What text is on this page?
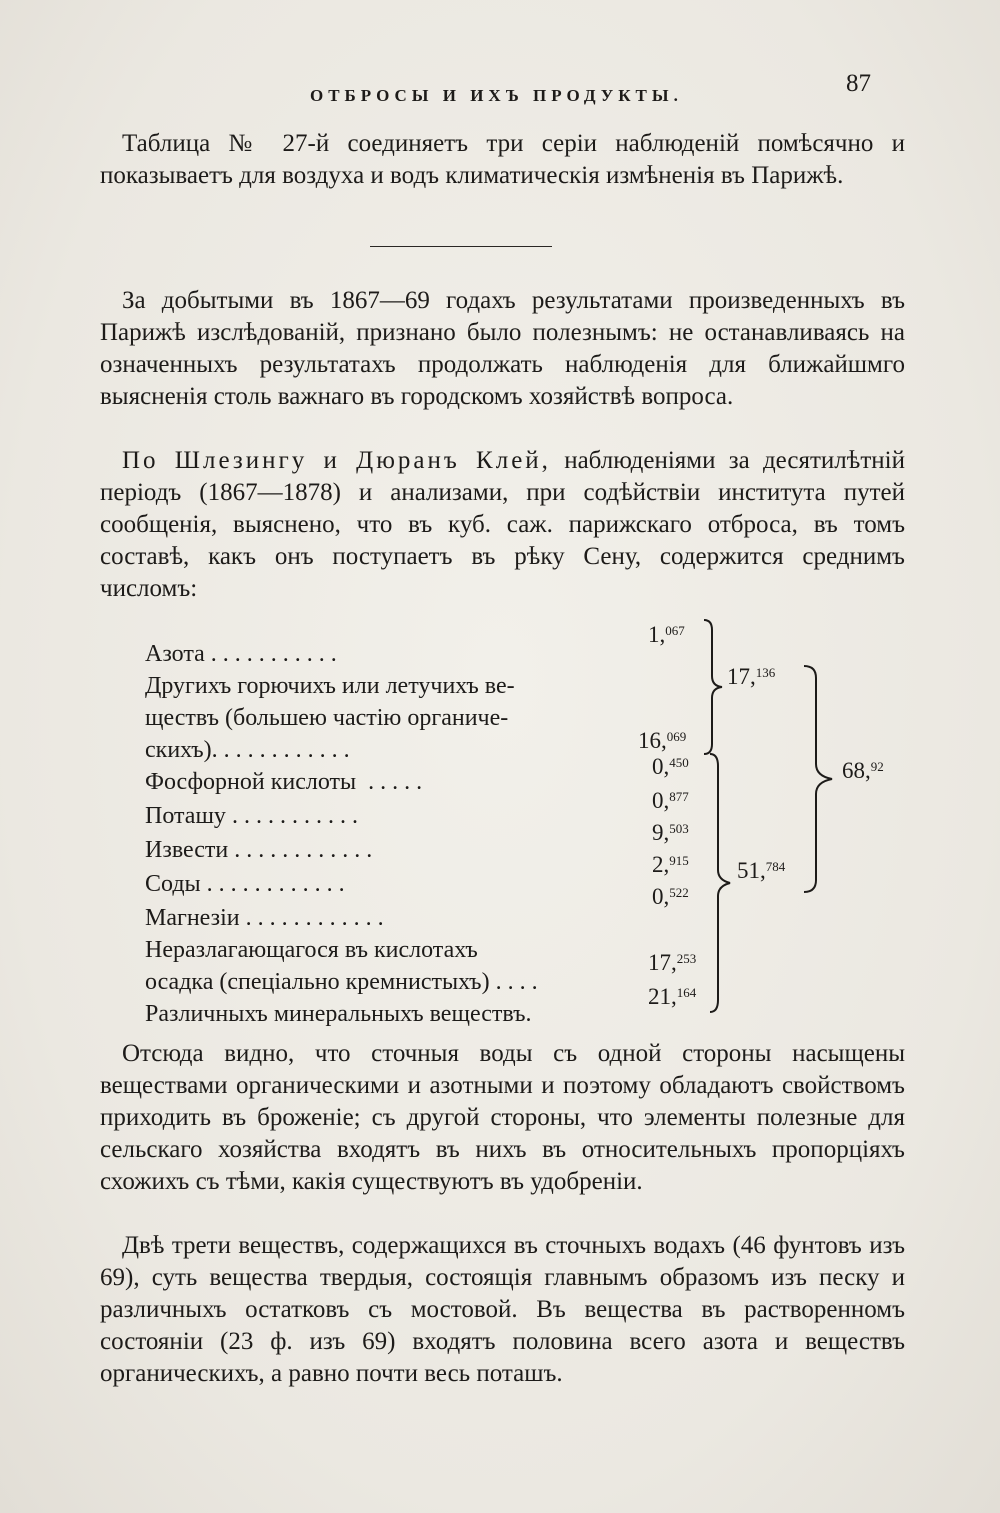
ОТБРОСЫ И ИХЪ ПРОДУКТЫ.	87

Таблица № 27-й соединяетъ три серіи наблюденій помѣсячно и показываетъ для воздуха и водъ климатическія измѣненія въ Парижѣ.

За добытыми въ 1867—69 годахъ результатами произведенныхъ въ Парижѣ изслѣдованій, признано было полезнымъ: не останавливаясь на означенныхъ результатахъ продолжать наблюденія для ближайшмго выясненія столь важнаго въ городскомъ хозяйствѣ вопроса.

По Шлезингу и Дюранъ Клей, наблюденіями за десятилѣтній періодъ (1867—1878) и анализами, при содѣйствіи института путей сообщенія, выяснено, что въ куб. саж. парижскаго отброса, въ томъ составѣ, какъ онъ поступаетъ въ рѣку Сену, содержится среднимъ числомъ:

Азота . . . . . . . . . . .
Другихъ горючихъ или летучихъ ве-
ществъ (большею частію органиче-
скихъ). . . . . . . . . . . .
Фосфорной кислоты . . . . .
Поташу . . . . . . . . . . .
Извести . . . . . . . . . . . .
Соды . . . . . . . . . . . .
Магнезіи . . . . . . . . . . . .
Неразлагающагося въ кислотахъ
осадка (спеціально кремнистыхъ) . . . .
Различныхъ минеральныхъ веществъ.
1,$^{067}$
16,$^{069}$
0,$^{450}$
0,$^{877}$
9,$^{503}$
2,$^{915}$
0,$^{522}$
17,$^{253}$
21,$^{164}$
17,$^{136}$
51,$^{784}$
68,92

Отсюда видно, что сточныя воды съ одной стороны насыщены веществами органическими и азотными и поэтому обладаютъ свойствомъ приходить въ броженіе; съ другой стороны, что элементы полезные для сельскаго хозяйства входятъ въ нихъ въ относительныхъ пропорціяхъ схожихъ съ тѣми, какія существуютъ въ удобреніи.

Двѣ трети веществъ, содержащихся въ сточныхъ водахъ (46 фунтовъ изъ 69), суть вещества твердыя, состоящія главнымъ образомъ изъ песку и различныхъ остатковъ съ мостовой. Въ вещества въ растворенномъ состояніи (23 ф. изъ 69) входятъ половина всего азота и веществъ органическихъ, а равно почти весь поташъ.
